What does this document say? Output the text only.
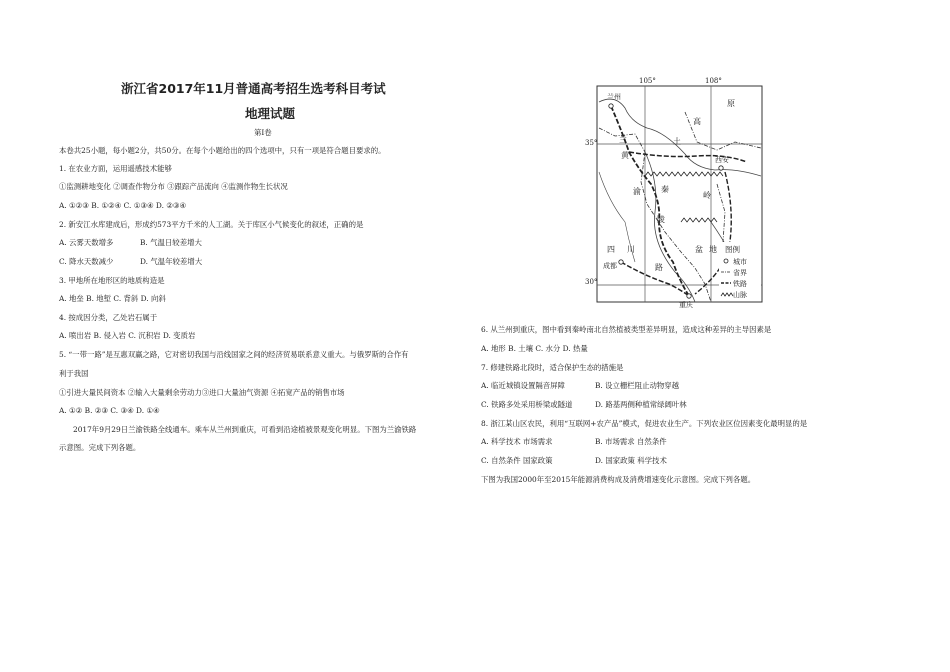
浙江省2017年11月普通高考招生选考科目考试
地理试题
第Ⅰ卷
本卷共25小题，每小题2分，共50分。在每个小题给出的四个选项中，只有一项是符合题目要求的。
1. 在农业方面，运用遥感技术能够
①监测耕地变化 ②调查作物分布 ③跟踪产品流向 ④监测作物生长状况
A. ①②③ B. ①②④ C. ①③④ D. ②③④
2. 新安江水库建成后，形成约573平方千米的人工湖。关于库区小气候变化的叙述，正确的是
A. 云雾天数增多	B. 气温日较差增大
C. 降水天数减少	D. 气温年较差增大
3. 甲地所在地形区的地质构造是
A. 地垒 B. 地堑 C. 背斜 D. 向斜
4. 按成因分类，乙处岩石属于
A. 喷出岩 B. 侵入岩 C. 沉积岩 D. 变质岩
5. “一带一路”是互惠双赢之路，它对密切我国与沿线国家之间的经济贸易联系意义重大。与俄罗斯的合作有
利于我国
①引进大量民间资本 ②输入大量剩余劳动力③进口大量油气资源 ④拓宽产品的销售市场
A. ①② B. ②③ C. ③④ D. ①④
2017年9月29日兰渝铁路全线通车。乘车从兰州到重庆，可看到沿途植被景观变化明显。下图为兰渝铁路
示意图。完成下列各题。
105°	108°
35°
30°
兰州
西安
成都
重庆
黄
土
高
原
兰
秦
岭
渝
四 川	盆 地
路
陵
图例
城市
省界
铁路
山脉
6. 从兰州到重庆，图中看到秦岭南北自然植被类型差异明显，造成这种差异的主导因素是
A. 地形 B. 土壤 C. 水分 D. 热量
7. 修建铁路北段时，适合保护生态的措施是
A. 临近城镇设置隔音屏障	B. 设立栅栏阻止动物穿越
C. 铁路多处采用桥梁或隧道	D. 路基两侧种植常绿阔叶林
8. 浙江某山区农民，利用“互联网+农产品”模式，促进农业生产。下列农业区位因素变化最明显的是
A. 科学技术 市场需求	B. 市场需求 自然条件
C. 自然条件 国家政策	D. 国家政策 科学技术
下图为我国2000年至2015年能源消费构成及消费增速变化示意图。完成下列各题。
